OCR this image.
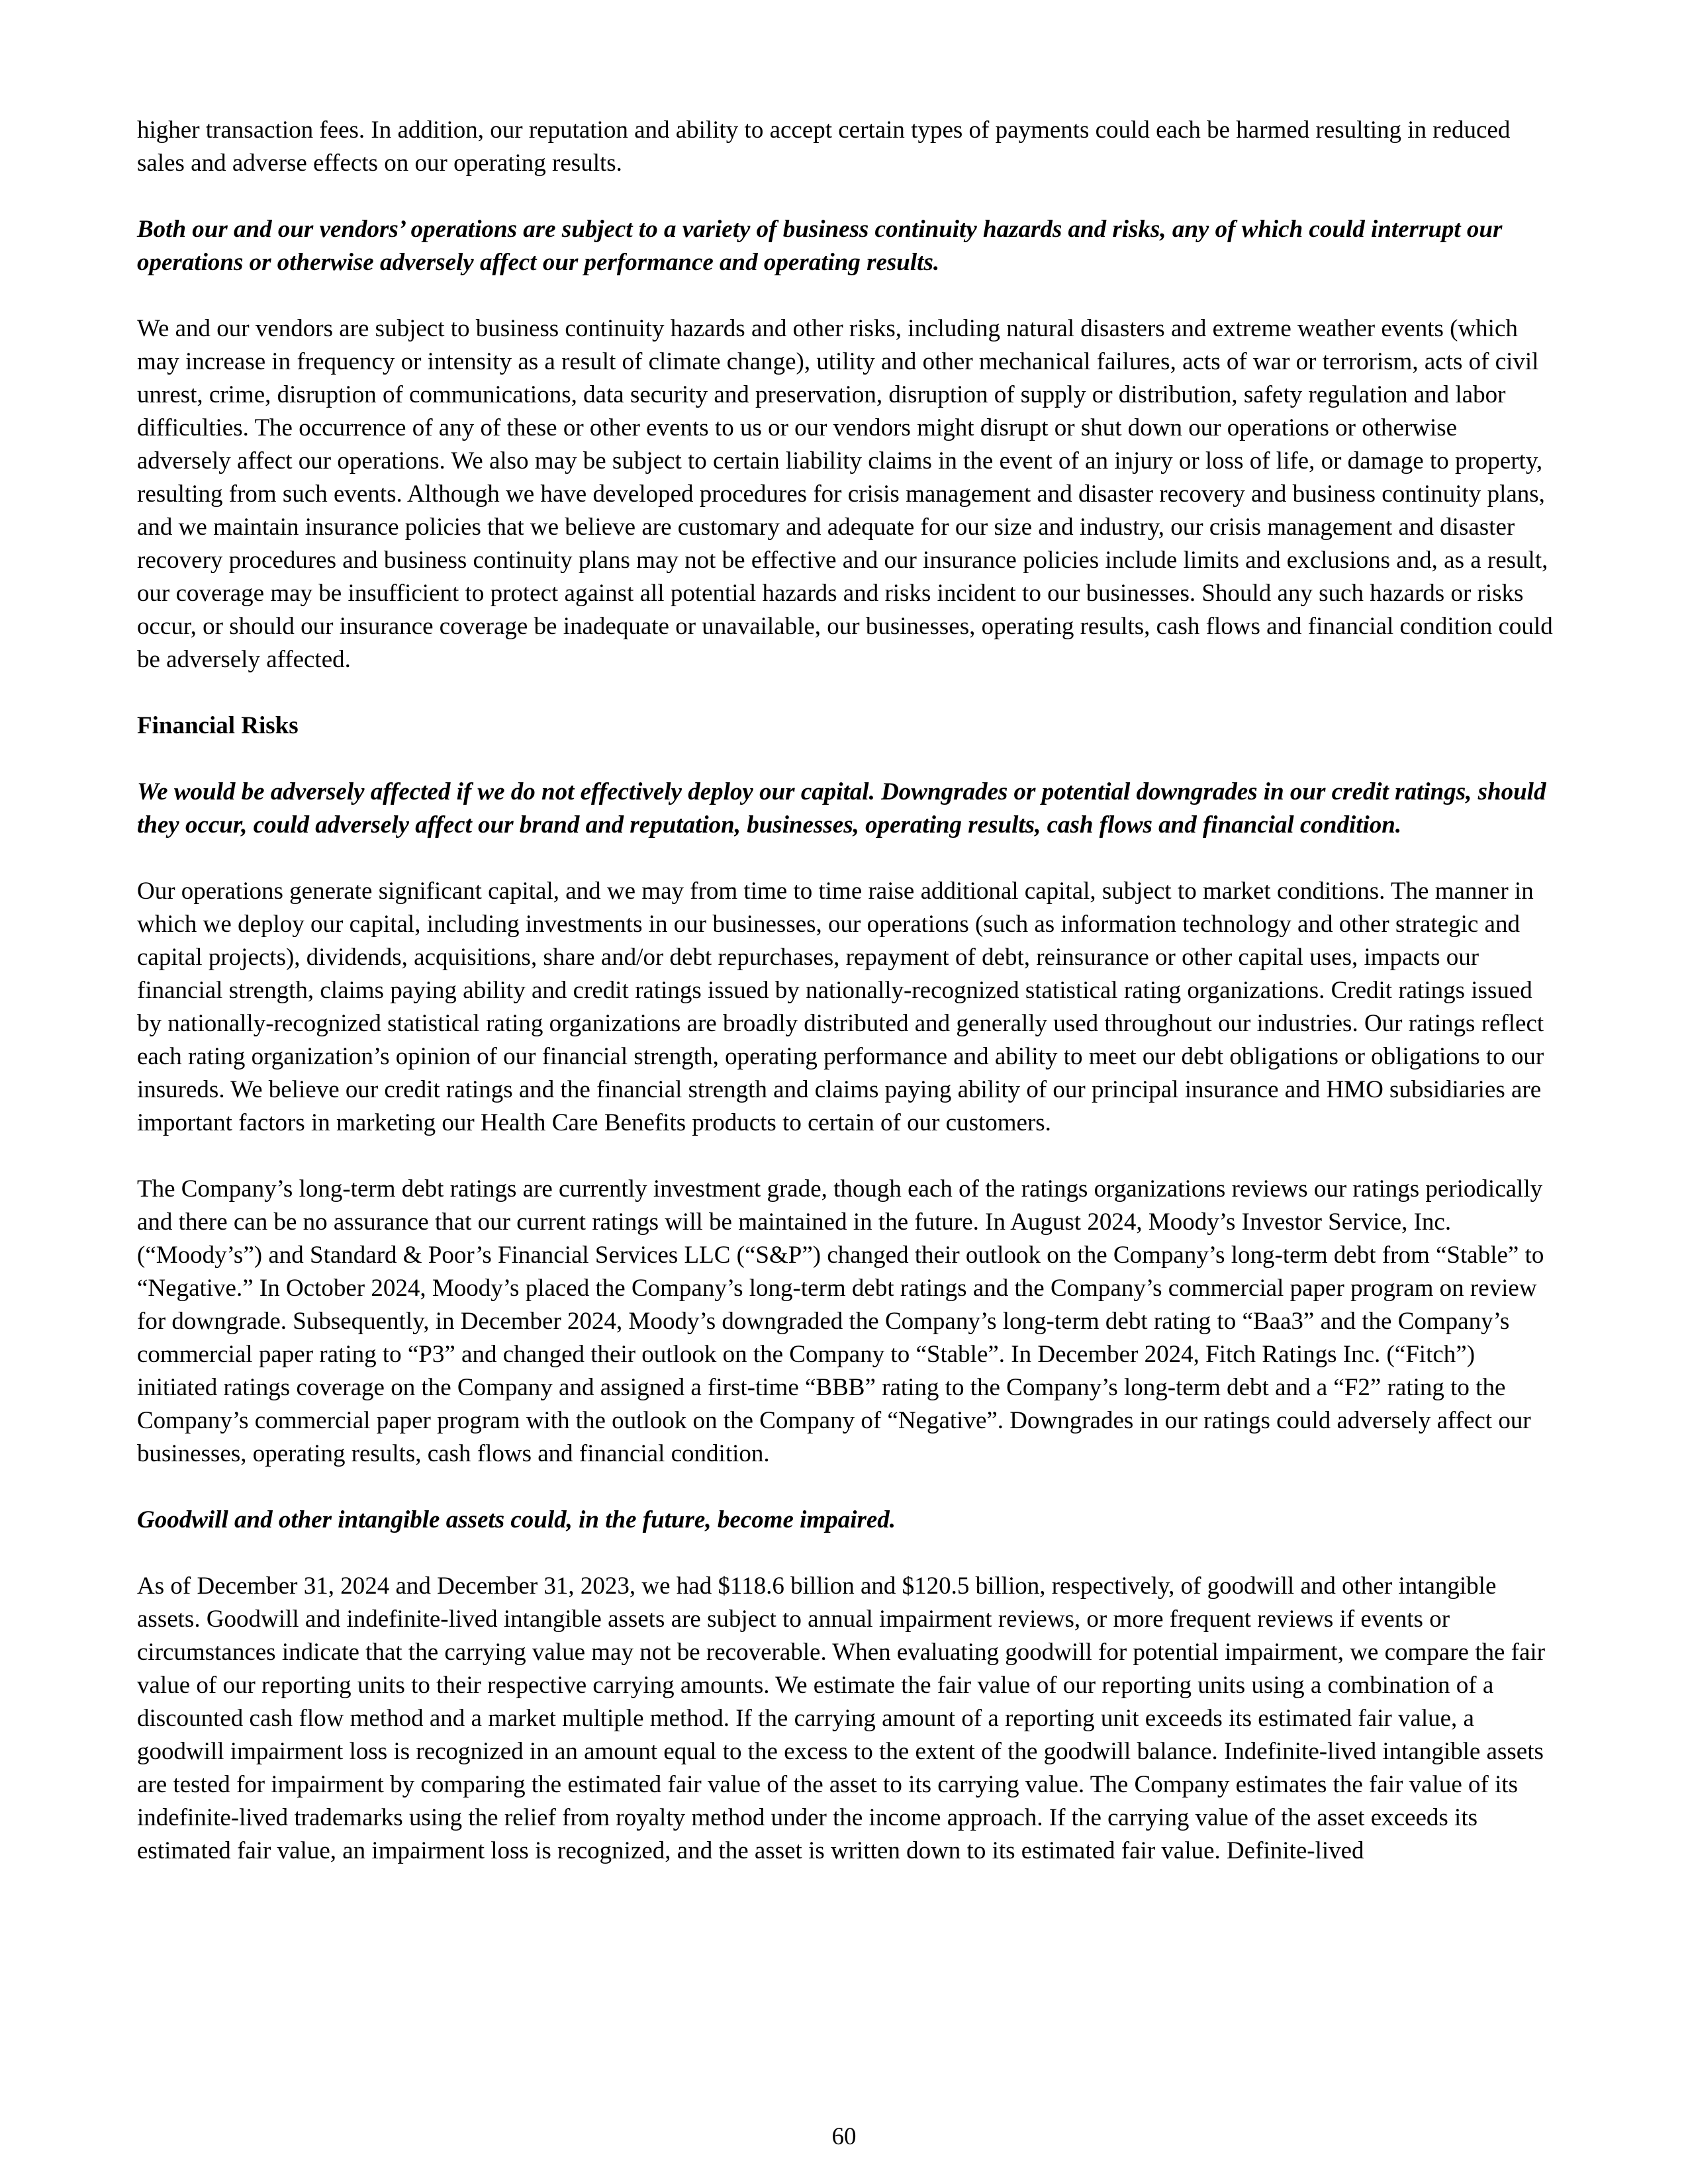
higher transaction fees. In addition, our reputation and ability to accept certain types of payments could each be harmed resulting in reduced sales and adverse effects on our operating results.

Both our and our vendors’ operations are subject to a variety of business continuity hazards and risks, any of which could interrupt our operations or otherwise adversely affect our performance and operating results.

We and our vendors are subject to business continuity hazards and other risks, including natural disasters and extreme weather events (which may increase in frequency or intensity as a result of climate change), utility and other mechanical failures, acts of war or terrorism, acts of civil unrest, crime, disruption of communications, data security and preservation, disruption of supply or distribution, safety regulation and labor difficulties. The occurrence of any of these or other events to us or our vendors might disrupt or shut down our operations or otherwise adversely affect our operations. We also may be subject to certain liability claims in the event of an injury or loss of life, or damage to property, resulting from such events. Although we have developed procedures for crisis management and disaster recovery and business continuity plans, and we maintain insurance policies that we believe are customary and adequate for our size and industry, our crisis management and disaster recovery procedures and business continuity plans may not be effective and our insurance policies include limits and exclusions and, as a result, our coverage may be insufficient to protect against all potential hazards and risks incident to our businesses. Should any such hazards or risks occur, or should our insurance coverage be inadequate or unavailable, our businesses, operating results, cash flows and financial condition could be adversely affected.

Financial Risks

We would be adversely affected if we do not effectively deploy our capital. Downgrades or potential downgrades in our credit ratings, should they occur, could adversely affect our brand and reputation, businesses, operating results, cash flows and financial condition.

Our operations generate significant capital, and we may from time to time raise additional capital, subject to market conditions. The manner in which we deploy our capital, including investments in our businesses, our operations (such as information technology and other strategic and capital projects), dividends, acquisitions, share and/or debt repurchases, repayment of debt, reinsurance or other capital uses, impacts our financial strength, claims paying ability and credit ratings issued by nationally-recognized statistical rating organizations. Credit ratings issued by nationally-recognized statistical rating organizations are broadly distributed and generally used throughout our industries. Our ratings reflect each rating organization’s opinion of our financial strength, operating performance and ability to meet our debt obligations or obligations to our insureds. We believe our credit ratings and the financial strength and claims paying ability of our principal insurance and HMO subsidiaries are important factors in marketing our Health Care Benefits products to certain of our customers.

The Company’s long-term debt ratings are currently investment grade, though each of the ratings organizations reviews our ratings periodically and there can be no assurance that our current ratings will be maintained in the future. In August 2024, Moody’s Investor Service, Inc. (“Moody’s”) and Standard & Poor’s Financial Services LLC (“S&P”) changed their outlook on the Company’s long-term debt from “Stable” to “Negative.” In October 2024, Moody’s placed the Company’s long-term debt ratings and the Company’s commercial paper program on review for downgrade. Subsequently, in December 2024, Moody’s downgraded the Company’s long-term debt rating to “Baa3” and the Company’s commercial paper rating to “P3” and changed their outlook on the Company to “Stable”. In December 2024, Fitch Ratings Inc. (“Fitch”) initiated ratings coverage on the Company and assigned a first-time “BBB” rating to the Company’s long-term debt and a “F2” rating to the Company’s commercial paper program with the outlook on the Company of “Negative”. Downgrades in our ratings could adversely affect our businesses, operating results, cash flows and financial condition.

Goodwill and other intangible assets could, in the future, become impaired.

As of December 31, 2024 and December 31, 2023, we had $118.6 billion and $120.5 billion, respectively, of goodwill and other intangible assets. Goodwill and indefinite-lived intangible assets are subject to annual impairment reviews, or more frequent reviews if events or circumstances indicate that the carrying value may not be recoverable. When evaluating goodwill for potential impairment, we compare the fair value of our reporting units to their respective carrying amounts. We estimate the fair value of our reporting units using a combination of a discounted cash flow method and a market multiple method. If the carrying amount of a reporting unit exceeds its estimated fair value, a goodwill impairment loss is recognized in an amount equal to the excess to the extent of the goodwill balance. Indefinite-lived intangible assets are tested for impairment by comparing the estimated fair value of the asset to its carrying value. The Company estimates the fair value of its indefinite-lived trademarks using the relief from royalty method under the income approach. If the carrying value of the asset exceeds its estimated fair value, an impairment loss is recognized, and the asset is written down to its estimated fair value. Definite-lived

60
